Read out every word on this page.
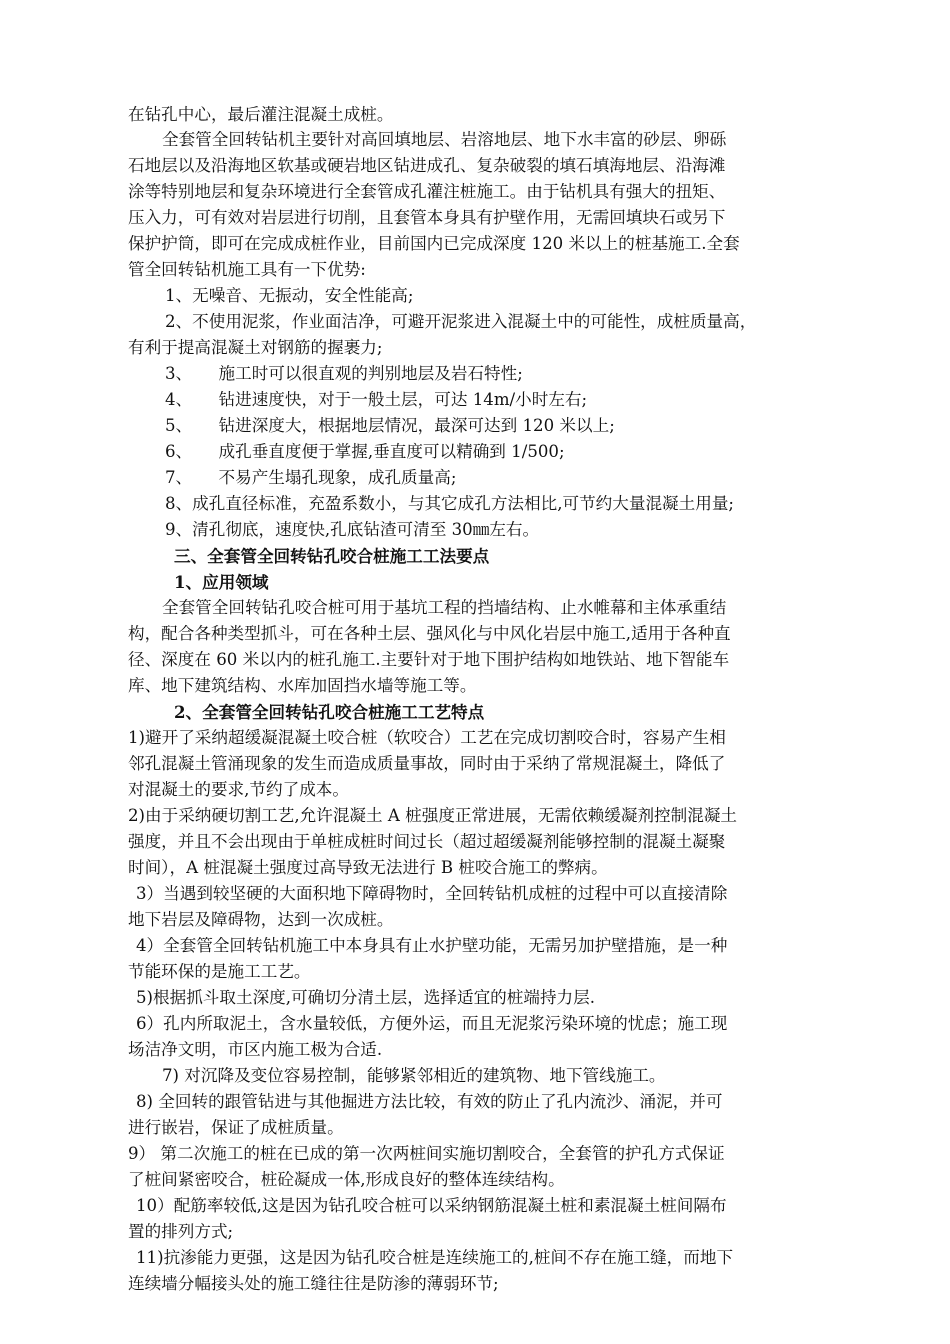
在钻孔中心，最后灌注混凝土成桩。

全套管全回转钻机主要针对高回填地层、岩溶地层、地下水丰富的砂层、卵砾

石地层以及沿海地区软基或硬岩地区钻进成孔、复杂破裂的填石填海地层、沿海滩

涂等特别地层和复杂环境进行全套管成孔灌注桩施工。由于钻机具有强大的扭矩、

压入力，可有效对岩层进行切削，且套管本身具有护壁作用，无需回填块石或另下

保护护筒，即可在完成成桩作业，目前国内已完成深度 120 米以上的桩基施工.全套

管全回转钻机施工具有一下优势:

1、无噪音、无振动，安全性能高;

2、不使用泥浆，作业面洁净，可避开泥浆进入混凝土中的可能性，成桩质量高，

有利于提高混凝土对钢筋的握裹力;

3、     施工时可以很直观的判别地层及岩石特性;

4、     钻进速度快，对于一般土层，可达 14m/小时左右;

5、     钻进深度大，根据地层情况，最深可达到 120 米以上;

6、     成孔垂直度便于掌握,垂直度可以精确到 1/500;

7、     不易产生塌孔现象，成孔质量高;

8、成孔直径标准，充盈系数小，与其它成孔方法相比,可节约大量混凝土用量;

9、清孔彻底，速度快,孔底钻渣可清至 30㎜左右。

三、全套管全回转钻孔咬合桩施工工法要点

1、应用领域

全套管全回转钻孔咬合桩可用于基坑工程的挡墙结构、止水帷幕和主体承重结

构，配合各种类型抓斗，可在各种土层、强风化与中风化岩层中施工,适用于各种直

径、深度在 60 米以内的桩孔施工.主要针对于地下围护结构如地铁站、地下智能车

库、地下建筑结构、水库加固挡水墙等施工等。

2、全套管全回转钻孔咬合桩施工工艺特点

1)避开了采纳超缓凝混凝土咬合桩（软咬合）工艺在完成切割咬合时，容易产生相

邻孔混凝土管涌现象的发生而造成质量事故，同时由于采纳了常规混凝土，降低了

对混凝土的要求,节约了成本。

2)由于采纳硬切割工艺,允许混凝土 A 桩强度正常进展，无需依赖缓凝剂控制混凝土

强度，并且不会出现由于单桩成桩时间过长（超过超缓凝剂能够控制的混凝土凝聚

时间），A 桩混凝土强度过高导致无法进行 B 桩咬合施工的弊病。

3）当遇到较坚硬的大面积地下障碍物时，全回转钻机成桩的过程中可以直接清除

地下岩层及障碍物，达到一次成桩。

4）全套管全回转钻机施工中本身具有止水护壁功能，无需另加护壁措施，是一种

节能环保的是施工工艺。

5)根据抓斗取土深度,可确切分清土层，选择适宜的桩端持力层.

6）孔内所取泥土，含水量较低，方便外运，而且无泥浆污染环境的忧虑；施工现

场洁净文明，市区内施工极为合适.

7) 对沉降及变位容易控制，能够紧邻相近的建筑物、地下管线施工。

8) 全回转的跟管钻进与其他掘进方法比较，有效的防止了孔内流沙、涌泥，并可

进行嵌岩，保证了成桩质量。

9） 第二次施工的桩在已成的第一次两桩间实施切割咬合，全套管的护孔方式保证

了桩间紧密咬合，桩砼凝成一体,形成良好的整体连续结构。

10）配筋率较低,这是因为钻孔咬合桩可以采纳钢筋混凝土桩和素混凝土桩间隔布

置的排列方式;

11)抗渗能力更强，这是因为钻孔咬合桩是连续施工的,桩间不存在施工缝，而地下

连续墙分幅接头处的施工缝往往是防渗的薄弱环节;
